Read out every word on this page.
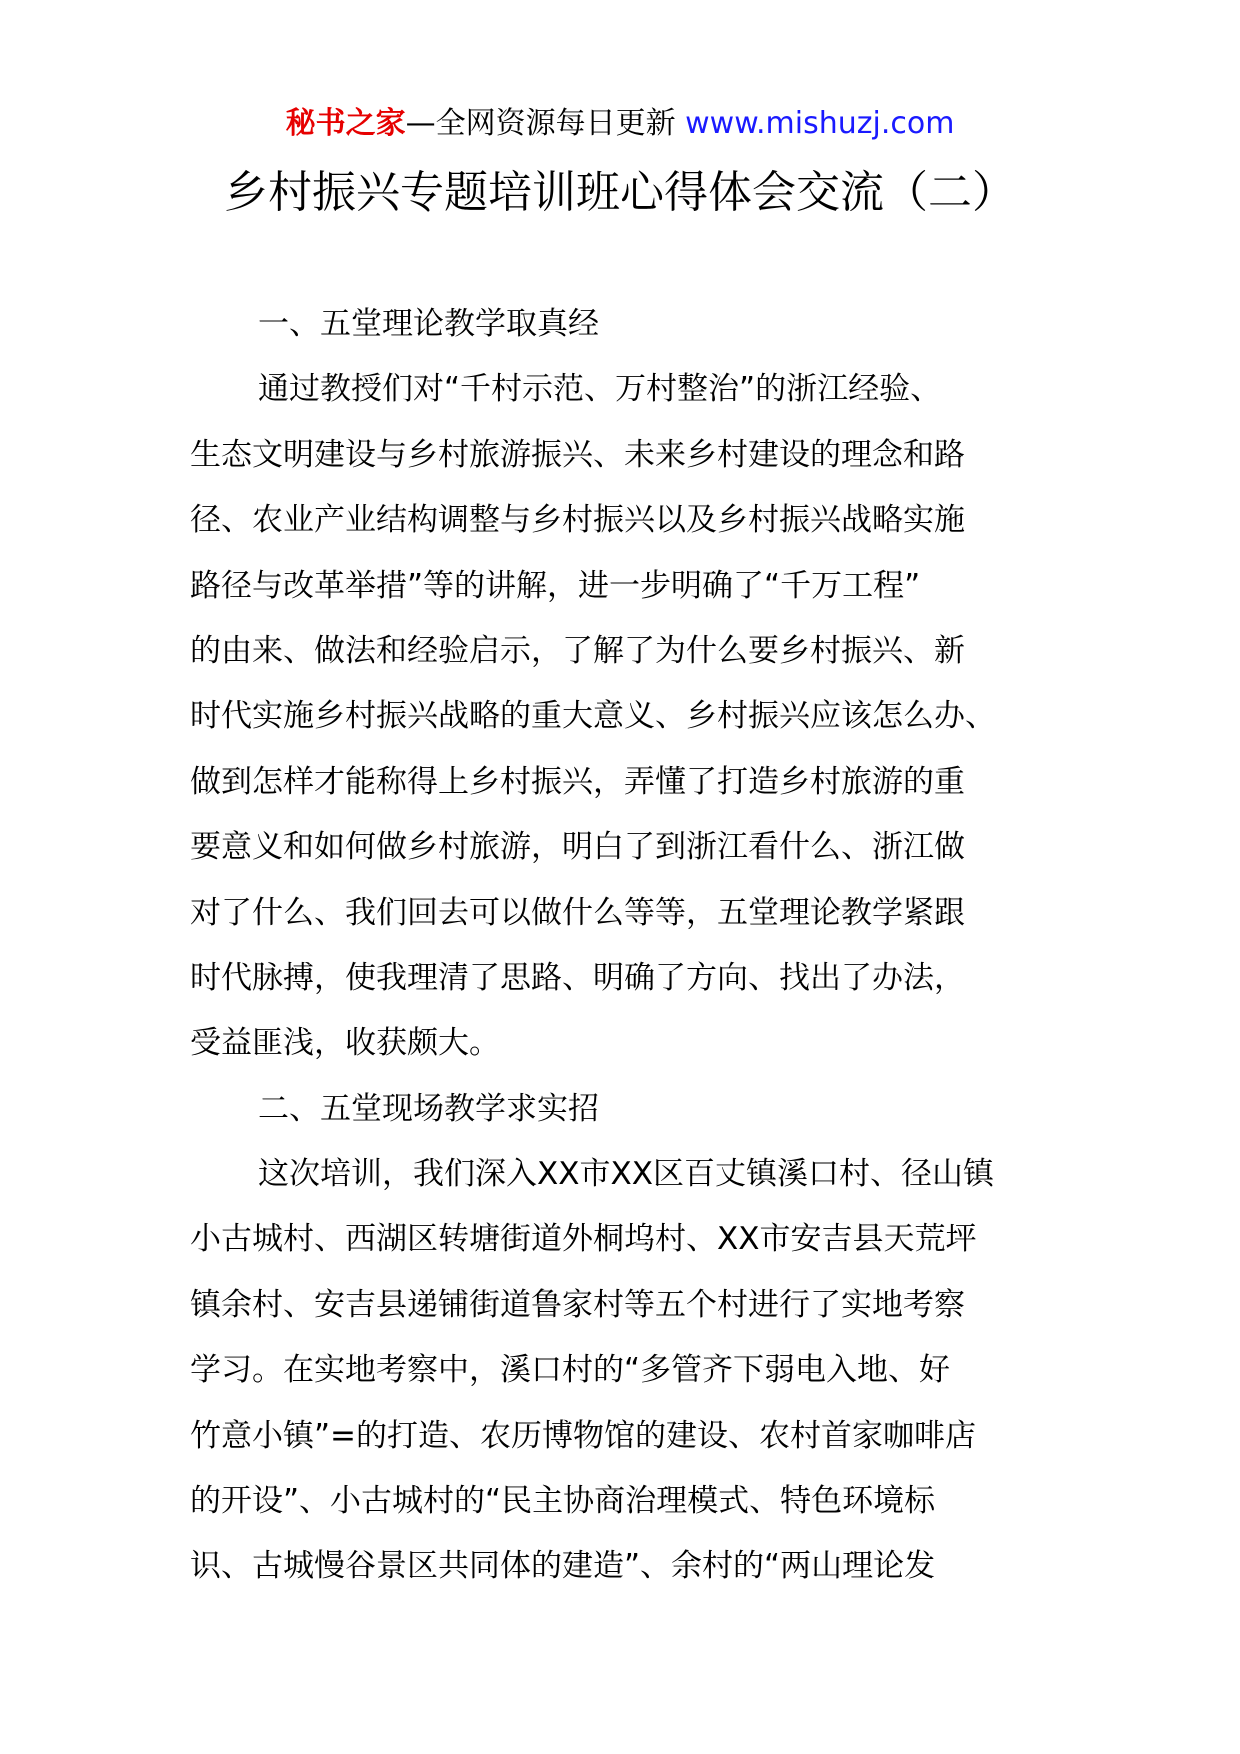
秘书之家—全网资源每日更新 www.mishuzj.com
乡村振兴专题培训班心得体会交流（二）
一、五堂理论教学取真经
通过教授们对“千村示范、万村整治”的浙江经验、
生态文明建设与乡村旅游振兴、未来乡村建设的理念和路
径、农业产业结构调整与乡村振兴以及乡村振兴战略实施
路径与改革举措”等的讲解，进一步明确了“千万工程”
的由来、做法和经验启示，了解了为什么要乡村振兴、新
时代实施乡村振兴战略的重大意义、乡村振兴应该怎么办、
做到怎样才能称得上乡村振兴，弄懂了打造乡村旅游的重
要意义和如何做乡村旅游，明白了到浙江看什么、浙江做
对了什么、我们回去可以做什么等等，五堂理论教学紧跟
时代脉搏，使我理清了思路、明确了方向、找出了办法，
受益匪浅，收获颇大。
二、五堂现场教学求实招
这次培训，我们深入XX市XX区百丈镇溪口村、径山镇
小古城村、西湖区转塘街道外桐坞村、XX市安吉县天荒坪
镇余村、安吉县递铺街道鲁家村等五个村进行了实地考察
学习。在实地考察中，溪口村的“多管齐下弱电入地、好
竹意小镇”=的打造、农历博物馆的建设、农村首家咖啡店
的开设”、小古城村的“民主协商治理模式、特色环境标
识、古城慢谷景区共同体的建造”、余村的“两山理论发
